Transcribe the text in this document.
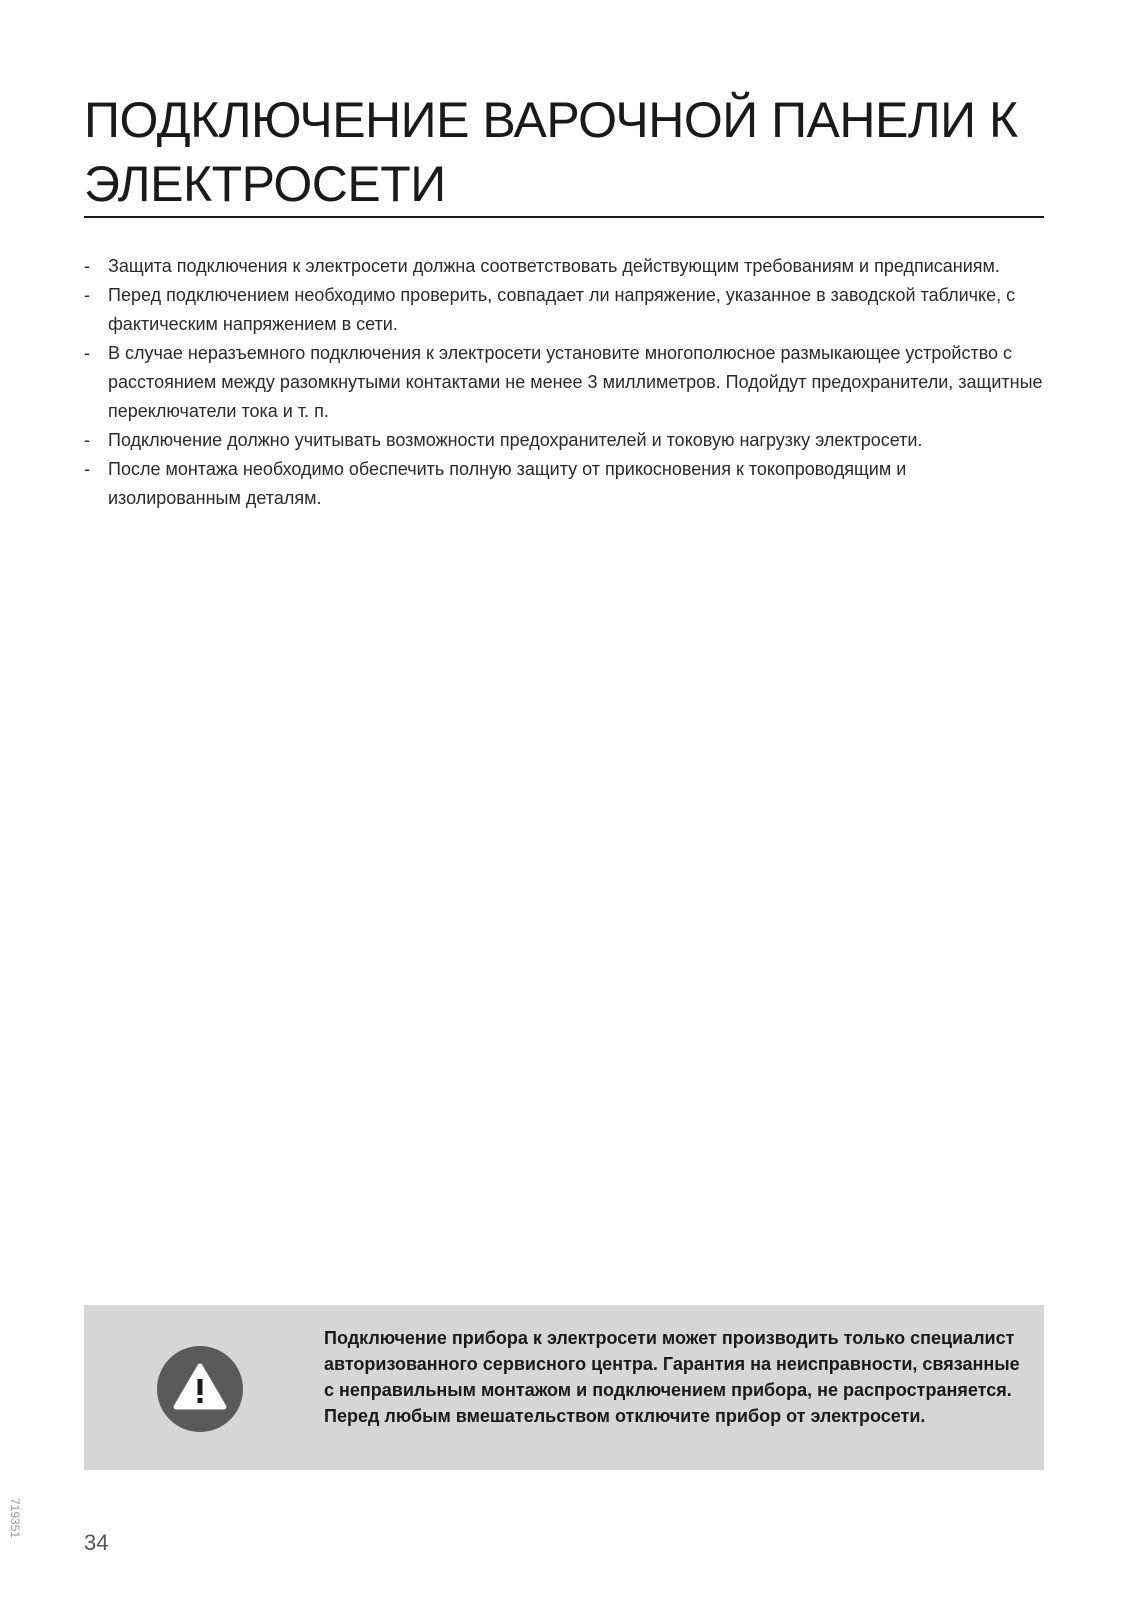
ПОДКЛЮЧЕНИЕ ВАРОЧНОЙ ПАНЕЛИ К ЭЛЕКТРОСЕТИ
- Защита подключения к электросети должна соответствовать действующим требованиям и предписаниям.
- Перед подключением необходимо проверить, совпадает ли напряжение, указанное в заводской табличке, с фактическим напряжением в сети.
- В случае неразъемного подключения к электросети установите многополюсное размыкающее устройство с расстоянием между разомкнутыми контактами не менее 3 миллиметров. Подойдут предохранители, защитные переключатели тока и т. п.
- Подключение должно учитывать возможности предохранителей и токовую нагрузку электросети.
- После монтажа необходимо обеспечить полную защиту от прикосновения к токопроводящим и изолированным деталям.

Подключение прибора к электросети может производить только специалист авторизованного сервисного центра. Гарантия на неисправности, связанные с неправильным монтажом и подключением прибора, не распространяется.

Перед любым вмешательством отключите прибор от электросети.

719351
34
